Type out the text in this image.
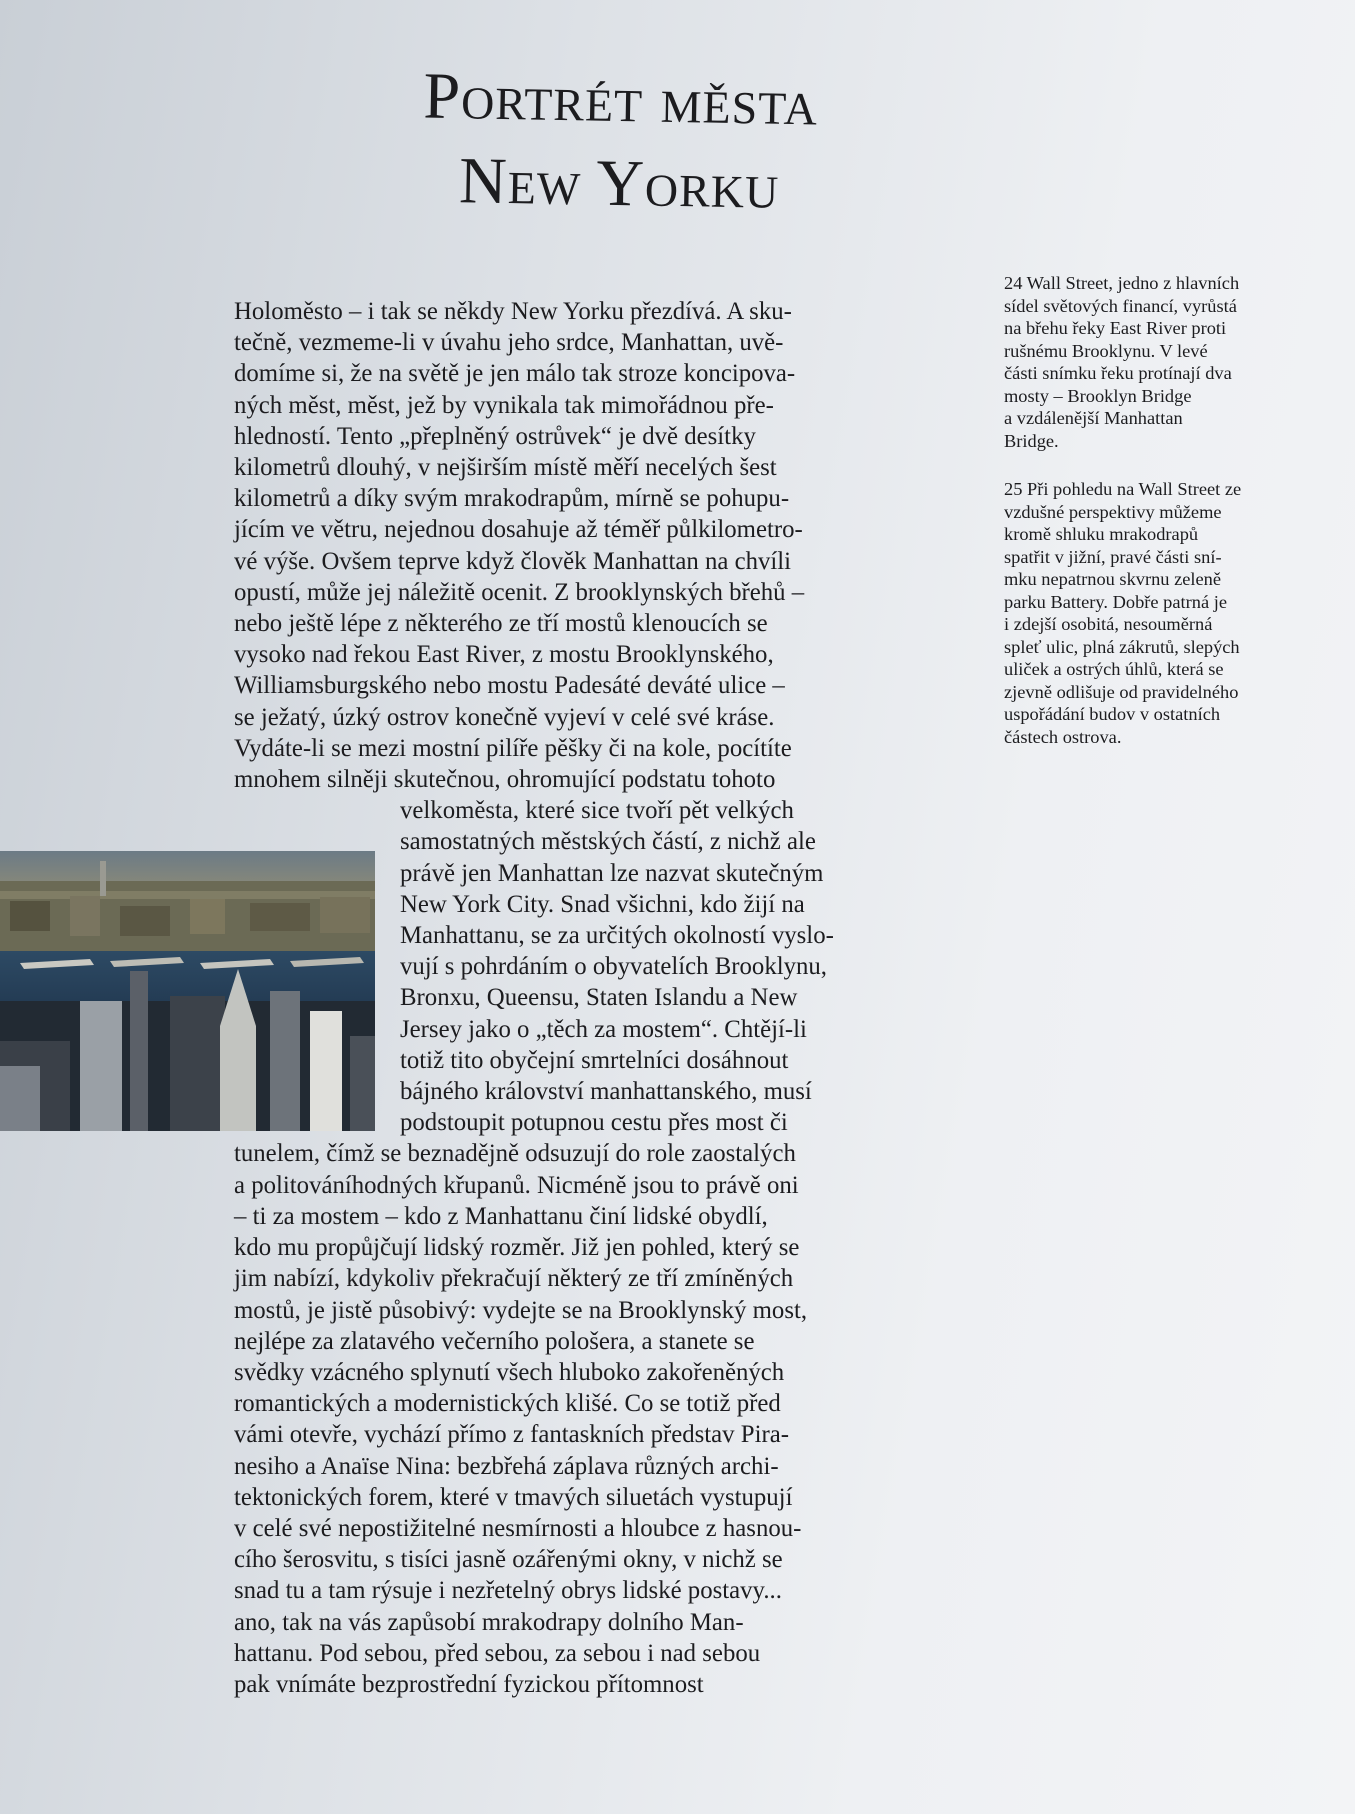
Portrét města
New Yorku
Holoměsto – i tak se někdy New Yorku přezdívá. A sku-
tečně, vezmeme-li v úvahu jeho srdce, Manhattan, uvě-
domíme si, že na světě je jen málo tak stroze koncipova-
ných měst, měst, jež by vynikala tak mimořádnou pře-
hledností. Tento „přeplněný ostrůvek“ je dvě desítky
kilometrů dlouhý, v nejširším místě měří necelých šest
kilometrů a díky svým mrakodrapům, mírně se pohupu-
jícím ve větru, nejednou dosahuje až téměř půlkilometro-
vé výše. Ovšem teprve když člověk Manhattan na chvíli
opustí, může jej náležitě ocenit. Z brooklynských břehů –
nebo ještě lépe z některého ze tří mostů klenoucích se
vysoko nad řekou East River, z mostu Brooklynského,
Williamsburgského nebo mostu Padesáté deváté ulice –
se ježatý, úzký ostrov konečně vyjeví v celé své kráse.
Vydáte-li se mezi mostní pilíře pěšky či na kole, pocítíte
mnohem silněji skutečnou, ohromující podstatu tohoto
velkoměsta, které sice tvoří pět velkých
samostatných městských částí, z nichž ale
právě jen Manhattan lze nazvat skutečným
New York City. Snad všichni, kdo žijí na
Manhattanu, se za určitých okolností vyslo-
vují s pohrdáním o obyvatelích Brooklynu,
Bronxu, Queensu, Staten Islandu a New
Jersey jako o „těch za mostem“. Chtějí-li
totiž tito obyčejní smrtelníci dosáhnout
bájného království manhattanského, musí
podstoupit potupnou cestu přes most či
tunelem, čímž se beznadějně odsuzují do role zaostalých
a politováníhodných křupanů. Nicméně jsou to právě oni
– ti za mostem – kdo z Manhattanu činí lidské obydlí,
kdo mu propůjčují lidský rozměr. Již jen pohled, který se
jim nabízí, kdykoliv překračují některý ze tří zmíněných
mostů, je jistě působivý: vydejte se na Brooklynský most,
nejlépe za zlatavého večerního pološera, a stanete se
svědky vzácného splynutí všech hluboko zakořeněných
romantických a modernistických klišé. Co se totiž před
vámi otevře, vychází přímo z fantaskních představ Pira-
nesiho a Anaïse Nina: bezbřehá záplava různých archi-
tektonických forem, které v tmavých siluetách vystupují
v celé své nepostižitelné nesmírnosti a hloubce z hasnou-
cího šerosvitu, s tisíci jasně ozářenými okny, v nichž se
snad tu a tam rýsuje i nezřetelný obrys lidské postavy...
ano, tak na vás zapůsobí mrakodrapy dolního Man-
hattanu. Pod sebou, před sebou, za sebou i nad sebou
pak vnímáte bezprostřední fyzickou přítomnost

24 Wall Street, jedno z hlavních
sídel světových financí, vyrůstá
na břehu řeky East River proti
rušnému Brooklynu. V levé
části snímku řeku protínají dva
mosty – Brooklyn Bridge
a vzdálenější Manhattan
Bridge.

25 Při pohledu na Wall Street ze
vzdušné perspektivy můžeme
kromě shluku mrakodrapů
spatřit v jižní, pravé části sní-
mku nepatrnou skvrnu zeleně
parku Battery. Dobře patrná je
i zdejší osobitá, nesouměrná
spleť ulic, plná zákrutů, slepých
uliček a ostrých úhlů, která se
zjevně odlišuje od pravidelného
uspořádání budov v ostatních
částech ostrova.
